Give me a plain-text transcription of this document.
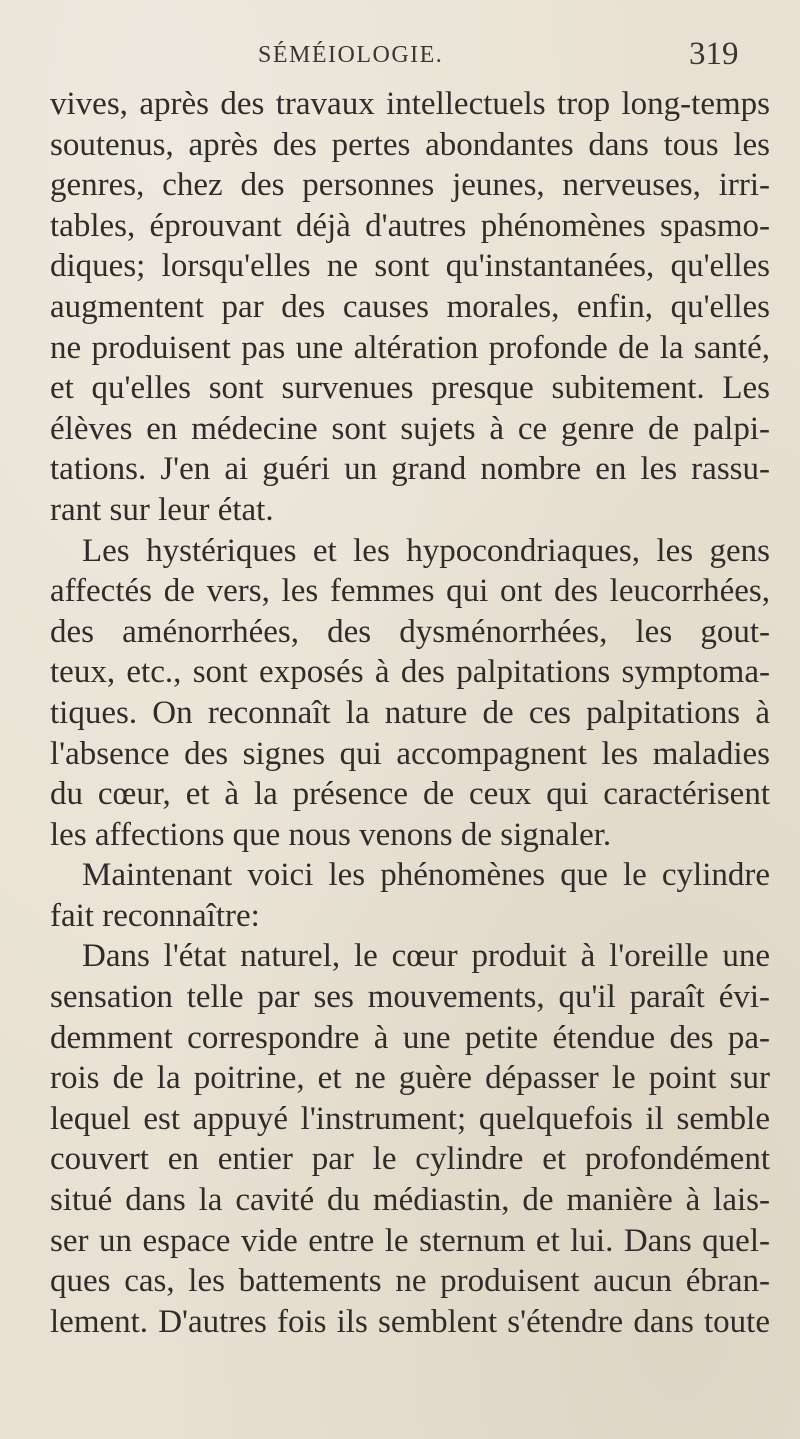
SÉMÉIOLOGIE.	319
vives, après des travaux intellectuels trop long-temps
soutenus, après des pertes abondantes dans tous les
genres, chez des personnes jeunes, nerveuses, irri-
tables, éprouvant déjà d'autres phénomènes spasmo-
diques; lorsqu'elles ne sont qu'instantanées, qu'elles
augmentent par des causes morales, enfin, qu'elles
ne produisent pas une altération profonde de la santé,
et qu'elles sont survenues presque subitement. Les
élèves en médecine sont sujets à ce genre de palpi-
tations. J'en ai guéri un grand nombre en les rassu-
rant sur leur état.
Les hystériques et les hypocondriaques, les gens
affectés de vers, les femmes qui ont des leucorrhées,
des aménorrhées, des dysménorrhées, les gout-
teux, etc., sont exposés à des palpitations symptoma-
tiques. On reconnaît la nature de ces palpitations à
l'absence des signes qui accompagnent les maladies
du cœur, et à la présence de ceux qui caractérisent
les affections que nous venons de signaler.
Maintenant voici les phénomènes que le cylindre
fait reconnaître:
Dans l'état naturel, le cœur produit à l'oreille une
sensation telle par ses mouvements, qu'il paraît évi-
demment correspondre à une petite étendue des pa-
rois de la poitrine, et ne guère dépasser le point sur
lequel est appuyé l'instrument; quelquefois il semble
couvert en entier par le cylindre et profondément
situé dans la cavité du médiastin, de manière à lais-
ser un espace vide entre le sternum et lui. Dans quel-
ques cas, les battements ne produisent aucun ébran-
lement. D'autres fois ils semblent s'étendre dans toute
